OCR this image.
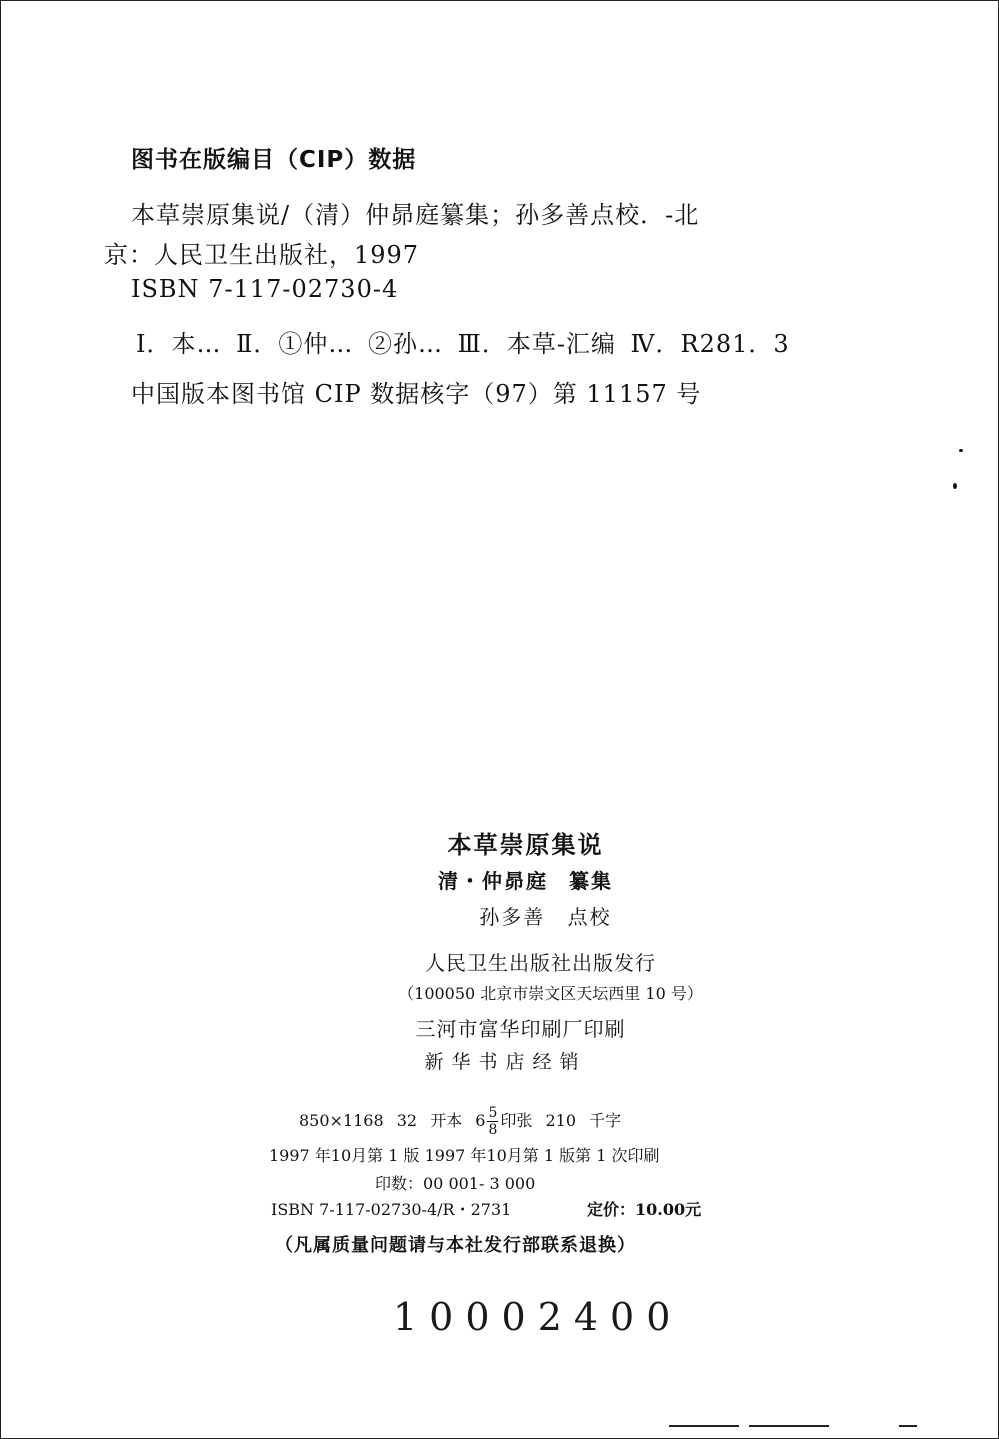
图书在版编目（CIP）数据
本草崇原集说/（清）仲昴庭纂集；孙多善点校．-北
京：人民卫生出版社，1997
ISBN 7-117-02730-4
Ⅰ．本… Ⅱ．①仲… ②孙… Ⅲ．本草-汇编 Ⅳ．R281．3
中国版本图书馆 CIP 数据核字（97）第 11157 号
本草崇原集说
清・仲昴庭 纂集
孙多善 点校
人民卫生出版社出版发行
（100050 北京市崇文区天坛西里 10 号）
三河市富华印刷厂印刷
新华书店经销
850×1168 32 开本 $6 \frac{5}{8}$ 印张 210 千字
1997 年10月第 1 版 1997 年10月第 1 版第 1 次印刷
印数：00 001- 3 000
ISBN 7-117-02730-4/R・2731	定价：10.00元
（凡属质量问题请与本社发行部联系退换）
10002400
